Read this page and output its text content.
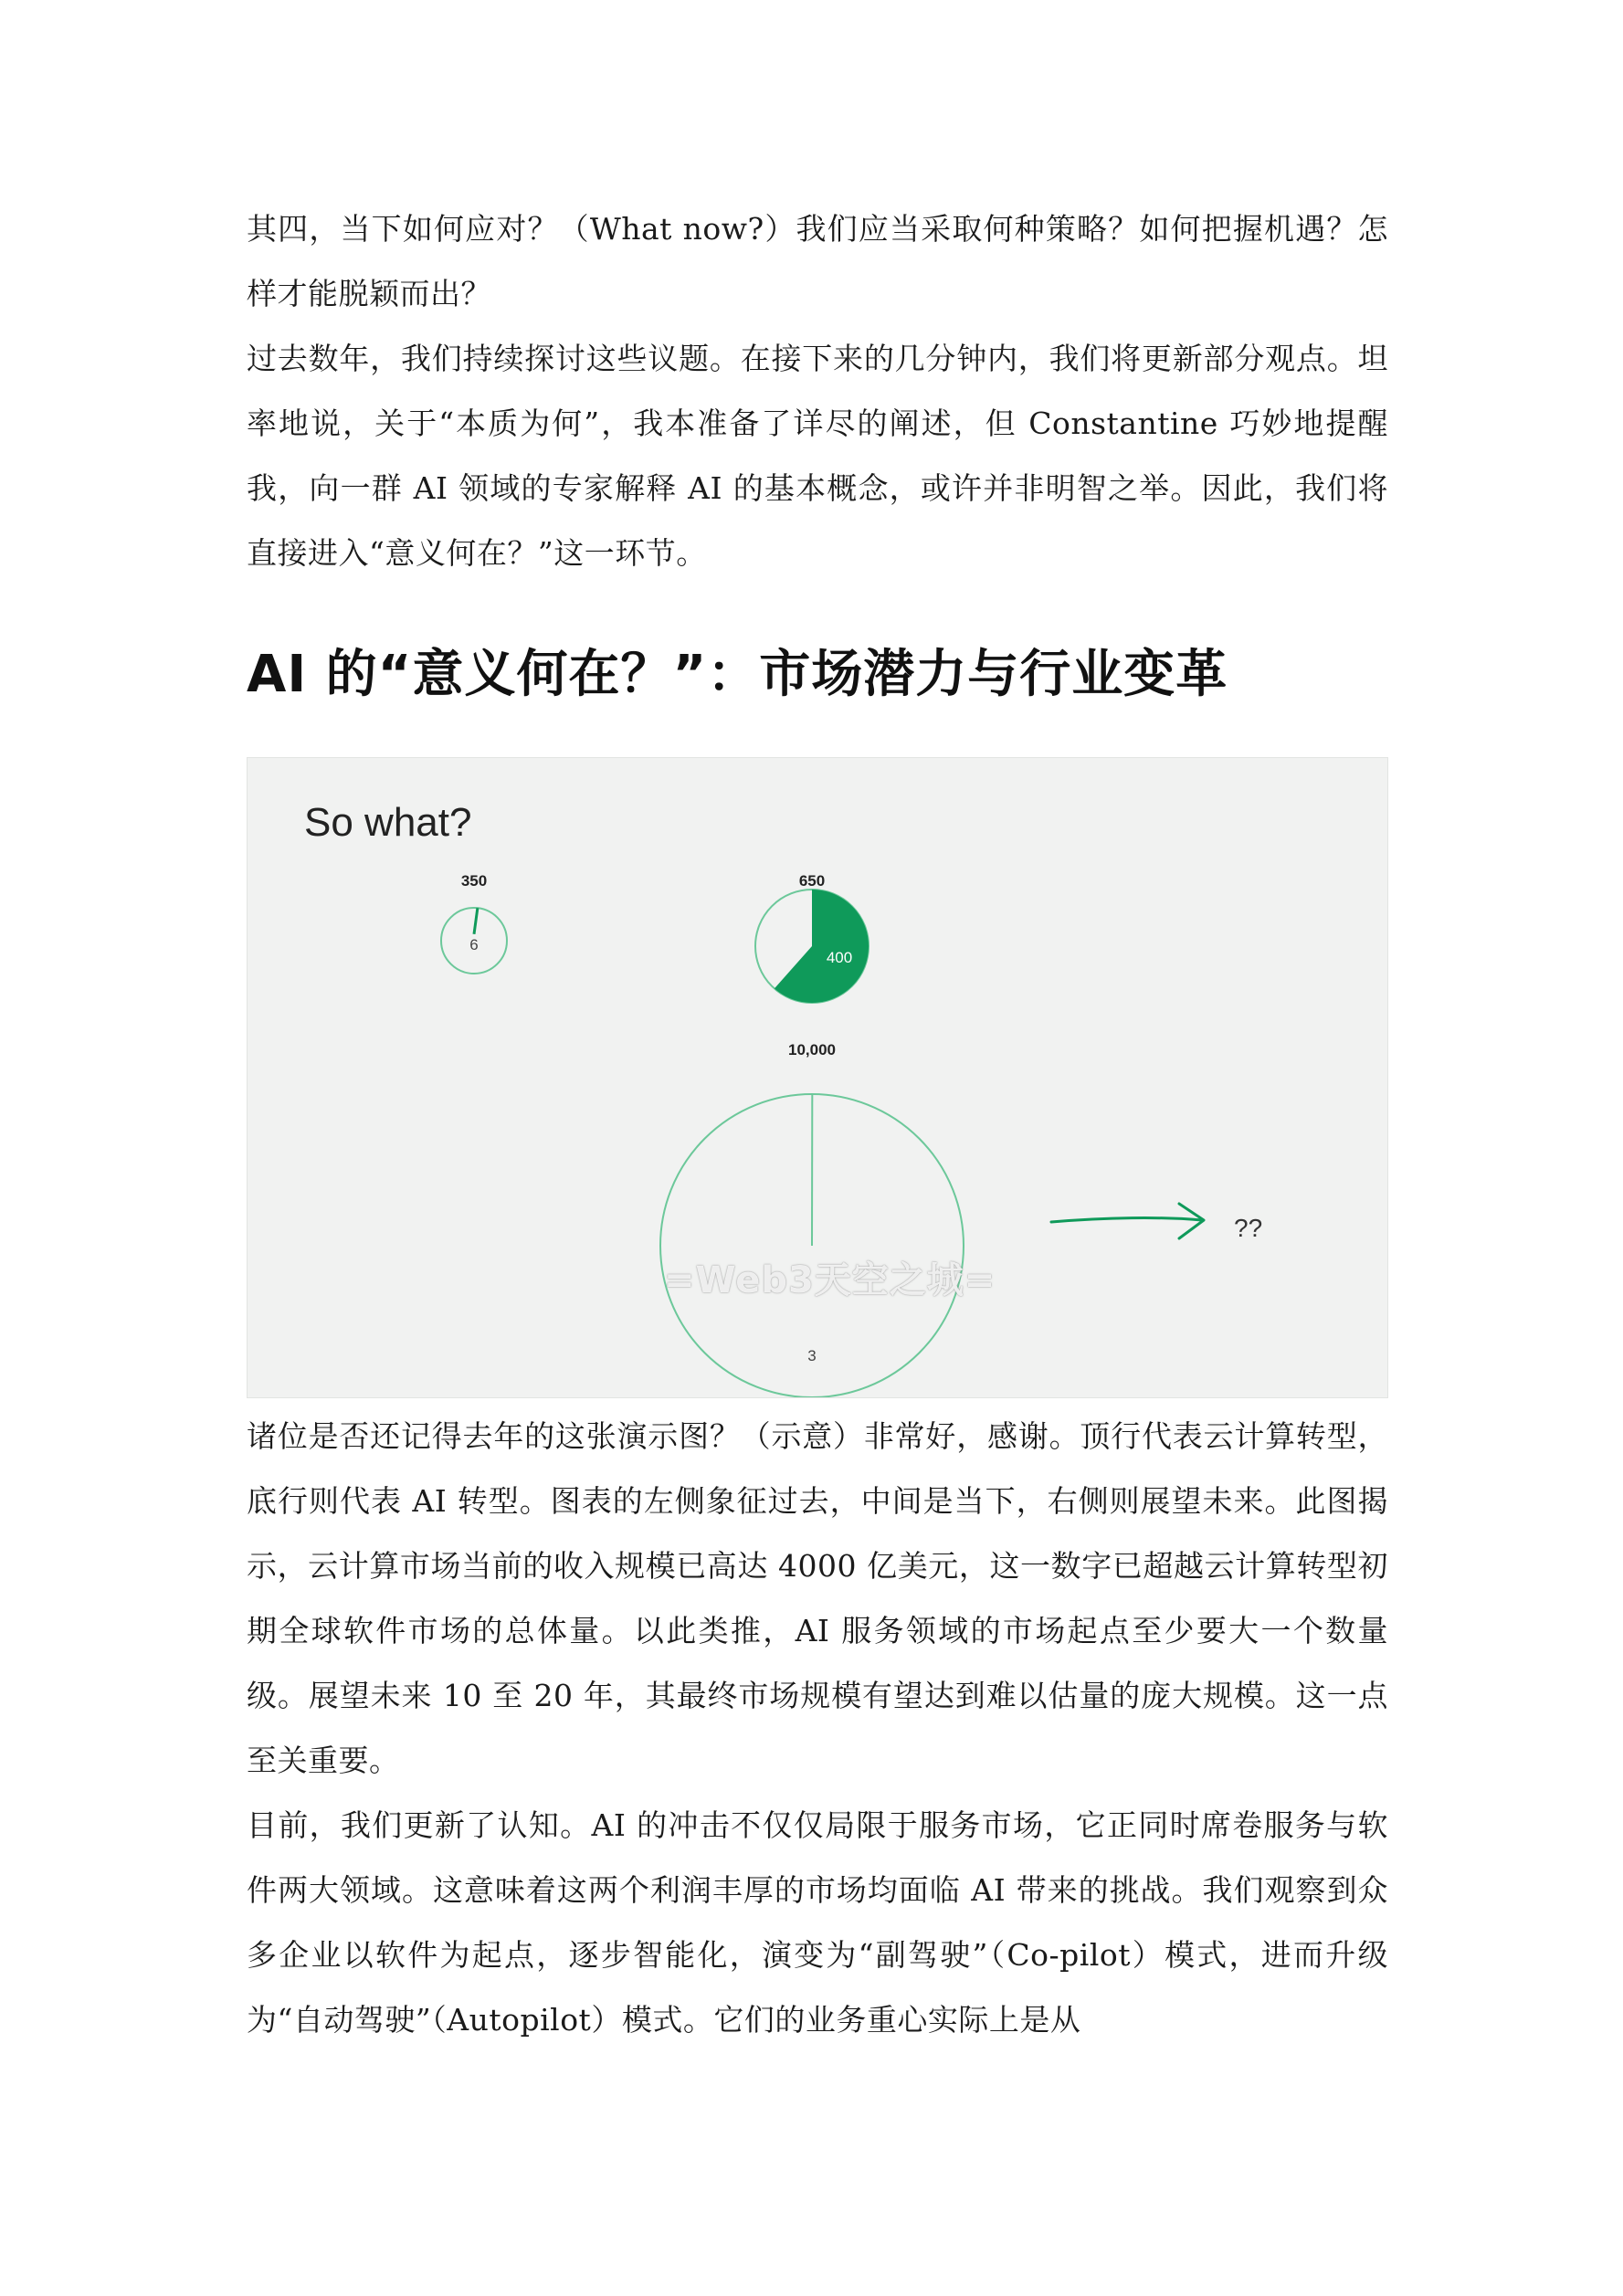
其四，当下如何应对？（What now?）我们应当采取何种策略？如何把握机遇？怎样才能脱颖而出？

过去数年，我们持续探讨这些议题。在接下来的几分钟内，我们将更新部分观点。坦率地说，关于“本质为何”，我本准备了详尽的阐述，但 Constantine 巧妙地提醒我，向一群 AI 领域的专家解释 AI 的基本概念，或许并非明智之举。因此，我们将直接进入“意义何在？”这一环节。

AI 的“意义何在？”：市场潜力与行业变革
350
6
650
400
10,000
3
??
So what?
=Web3天空之城=

诸位是否还记得去年的这张演示图？（示意）非常好，感谢。顶行代表云计算转型，底行则代表 AI 转型。图表的左侧象征过去，中间是当下，右侧则展望未来。此图揭示，云计算市场当前的收入规模已高达 4000 亿美元，这一数字已超越云计算转型初期全球软件市场的总体量。以此类推，AI 服务领域的市场起点至少要大一个数量级。展望未来 10 至 20 年，其最终市场规模有望达到难以估量的庞大规模。这一点至关重要。

目前，我们更新了认知。AI 的冲击不仅仅局限于服务市场，它正同时席卷服务与软件两大领域。这意味着这两个利润丰厚的市场均面临 AI 带来的挑战。我们观察到众多企业以软件为起点，逐步智能化，演变为“副驾驶”（Co-pilot）模式，进而升级为“自动驾驶”（Autopilot）模式。它们的业务重心实际上是从
